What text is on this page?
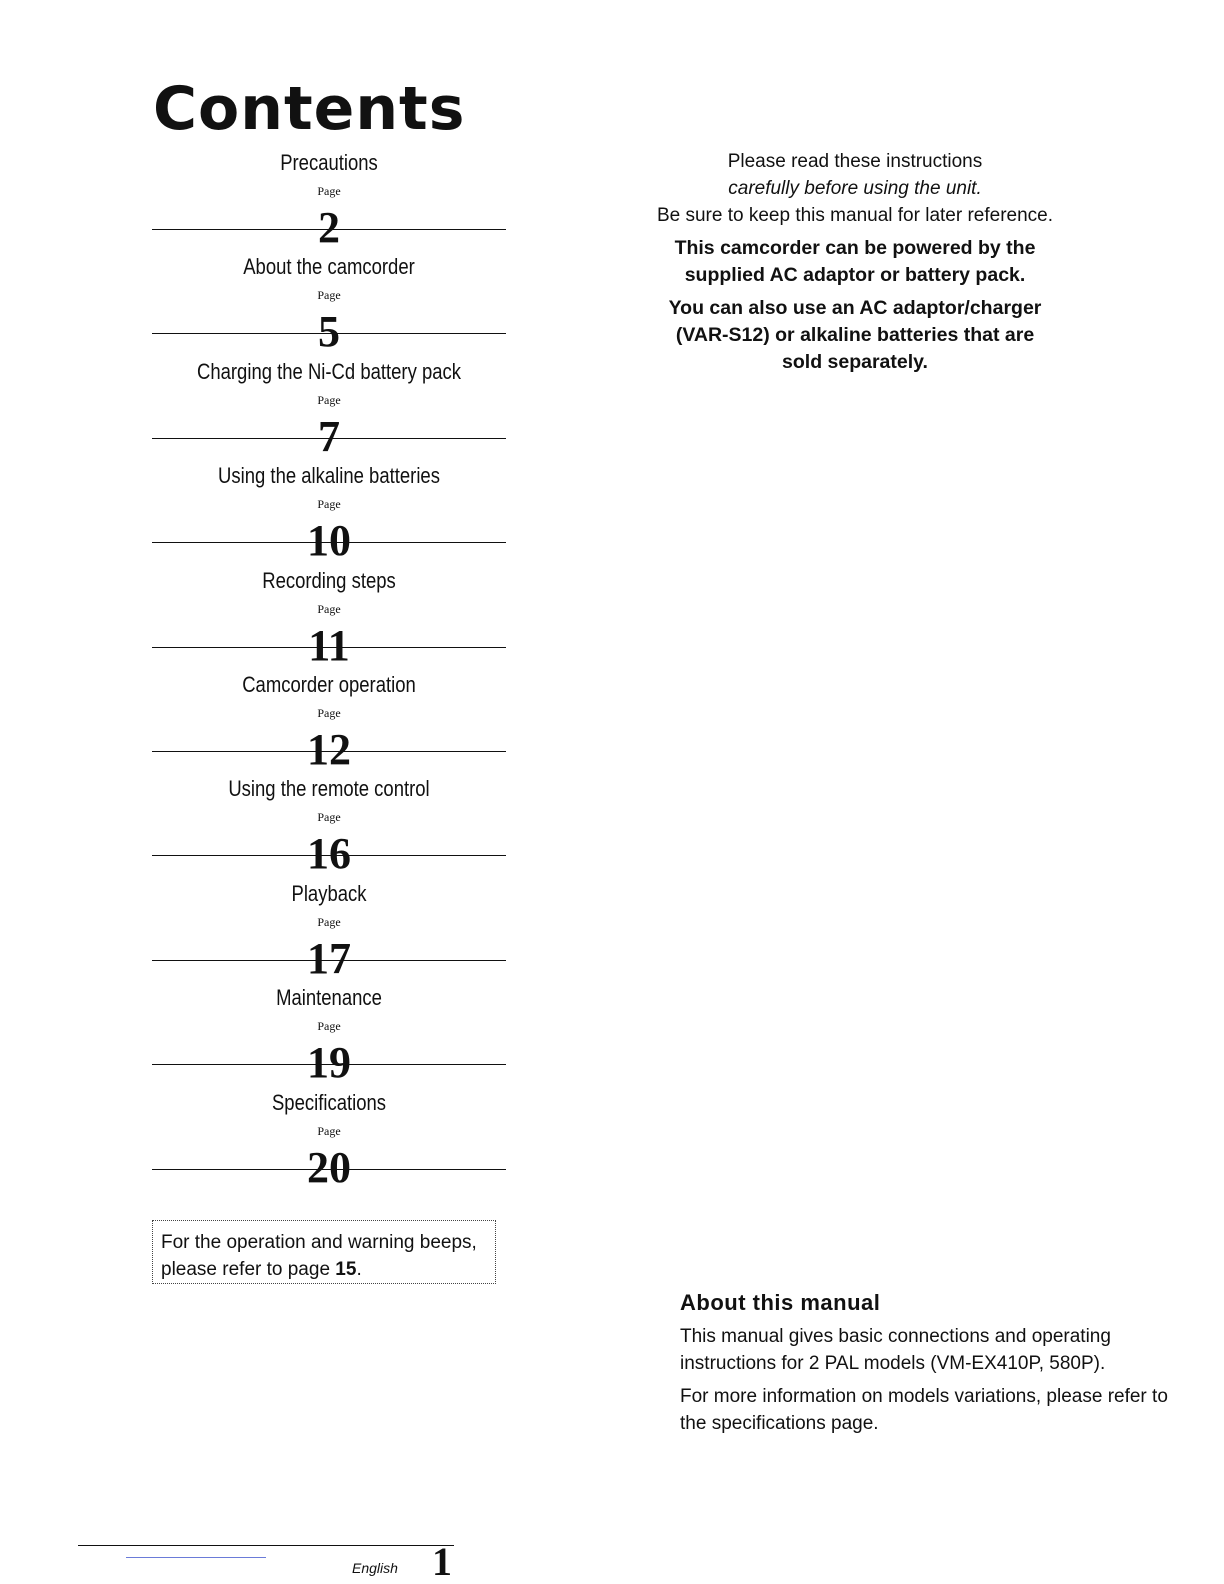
Contents
Precautions
Page
2
About the camcorder
Page
5
Charging the Ni-Cd battery pack
Page
7
Using the alkaline batteries
Page
10
Recording steps
Page
11
Camcorder operation
Page
12
Using the remote control
Page
16
Playback
Page
17
Maintenance
Page
19
Specifications
Page
20

For the operation and warning beeps, please refer to page 15.

Please read these instructions
carefully before using the unit.
Be sure to keep this manual for later reference.

This camcorder can be powered by the supplied AC adaptor or battery pack.

You can also use an AC adaptor/charger (VAR-S12) or alkaline batteries that are sold separately.

About this manual

This manual gives basic connections and operating instructions for 2 PAL models (VM-EX410P, 580P).

For more information on models variations, please refer to the specifications page.

English 1
